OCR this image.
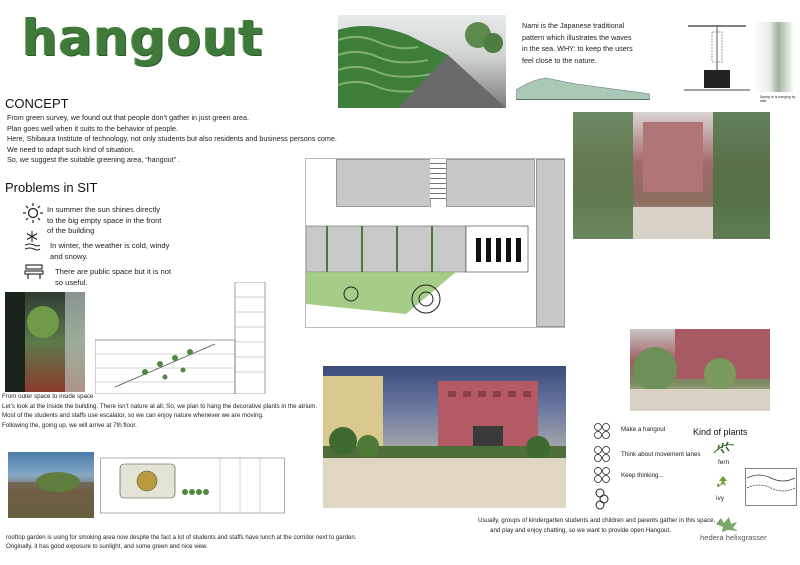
hangout
CONCEPT
From green survey, we found out that people don’t gather in just green area.
Plan goes well when it suits to the behavior of people.
Here, Shibaura Institute of technology, not only students but also residents and business persons come.
We need to adapt such kind of situation.
So, we suggest the suitable greening area, “hangout” .
Problems in SIT
In summer the sun shines directly
to the big empty space in the front
of the building
In winter, the weather is cold, windy
and snowy.
There are public space but it is not
so useful.
Nami is the Japanese traditional
pattern which illustrates the waves
in the sea. WHY: to keep the users
feel close to the nature.
Spring le is hanging by wall
From outer space to inside space
Let’s look at the inside the building. There isn’t nature at all. So, we plan to hang the decorative plants in the atrium.
Most of the students and staffs use escalator, so we can enjoy nature whenever we are moving.
Following the, going up, we will arrive at 7th floor.
rooftop garden is using for smoking area now despite the fact a lot of students and staffs have lunch at the corridor next to garden.
Originally, it has good exposure to sunlight, and some green and nice view.
Make a hangout
Think about movement lanes
Keep thinking...
Kind of plants
fern
ivy
hedera helixgrasser
Usually, groups of kindergarten students and children and parents gather in this space,
and play and enjoy chatting, so we want to provide open Hangout.
